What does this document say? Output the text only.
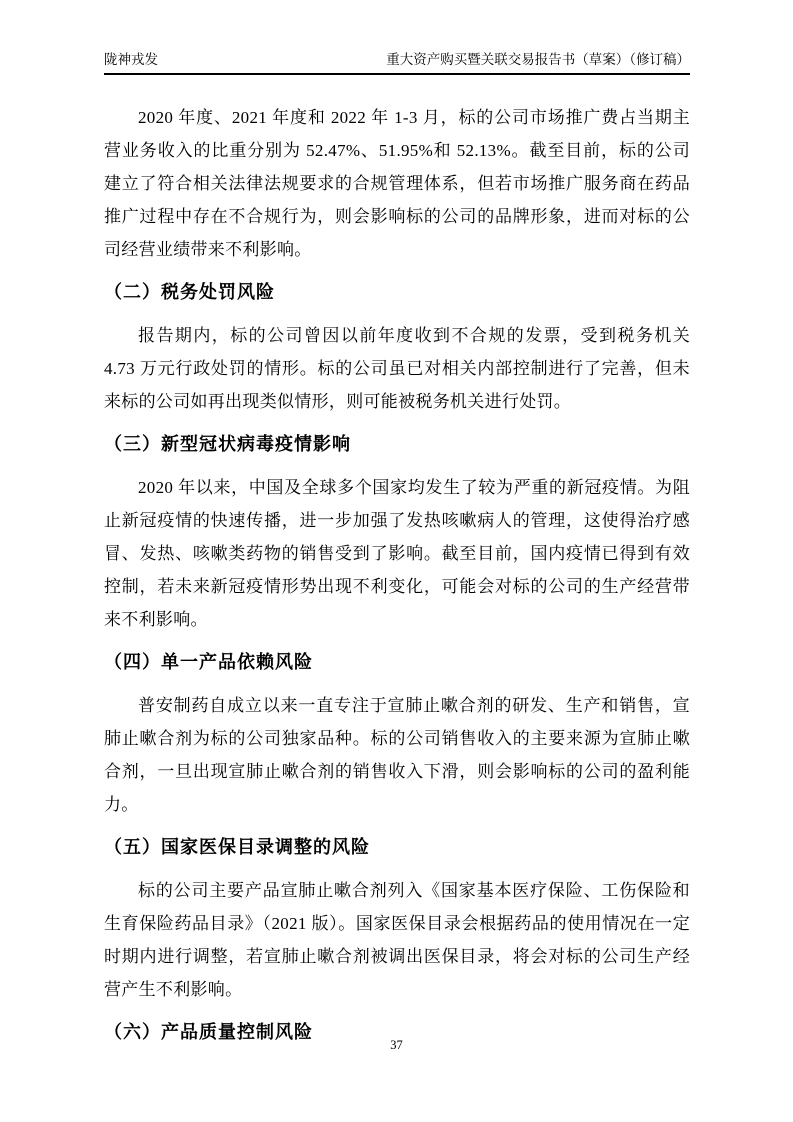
陇神戎发	重大资产购买暨关联交易报告书（草案）（修订稿）

2020 年度、2021 年度和 2022 年 1-3 月，标的公司市场推广费占当期主营业务收入的比重分别为 52.47%、51.95%和 52.13%。截至目前，标的公司建立了符合相关法律法规要求的合规管理体系，但若市场推广服务商在药品推广过程中存在不合规行为，则会影响标的公司的品牌形象，进而对标的公司经营业绩带来不利影响。

（二）税务处罚风险

报告期内，标的公司曾因以前年度收到不合规的发票，受到税务机关 4.73 万元行政处罚的情形。标的公司虽已对相关内部控制进行了完善，但未来标的公司如再出现类似情形，则可能被税务机关进行处罚。

（三）新型冠状病毒疫情影响

2020 年以来，中国及全球多个国家均发生了较为严重的新冠疫情。为阻止新冠疫情的快速传播，进一步加强了发热咳嗽病人的管理，这使得治疗感冒、发热、咳嗽类药物的销售受到了影响。截至目前，国内疫情已得到有效控制，若未来新冠疫情形势出现不利变化，可能会对标的公司的生产经营带来不利影响。

（四）单一产品依赖风险

普安制药自成立以来一直专注于宣肺止嗽合剂的研发、生产和销售，宣肺止嗽合剂为标的公司独家品种。标的公司销售收入的主要来源为宣肺止嗽合剂，一旦出现宣肺止嗽合剂的销售收入下滑，则会影响标的公司的盈利能力。

（五）国家医保目录调整的风险

标的公司主要产品宣肺止嗽合剂列入《国家基本医疗保险、工伤保险和生育保险药品目录》（2021 版）。国家医保目录会根据药品的使用情况在一定时期内进行调整，若宣肺止嗽合剂被调出医保目录，将会对标的公司生产经营产生不利影响。

（六）产品质量控制风险
37
